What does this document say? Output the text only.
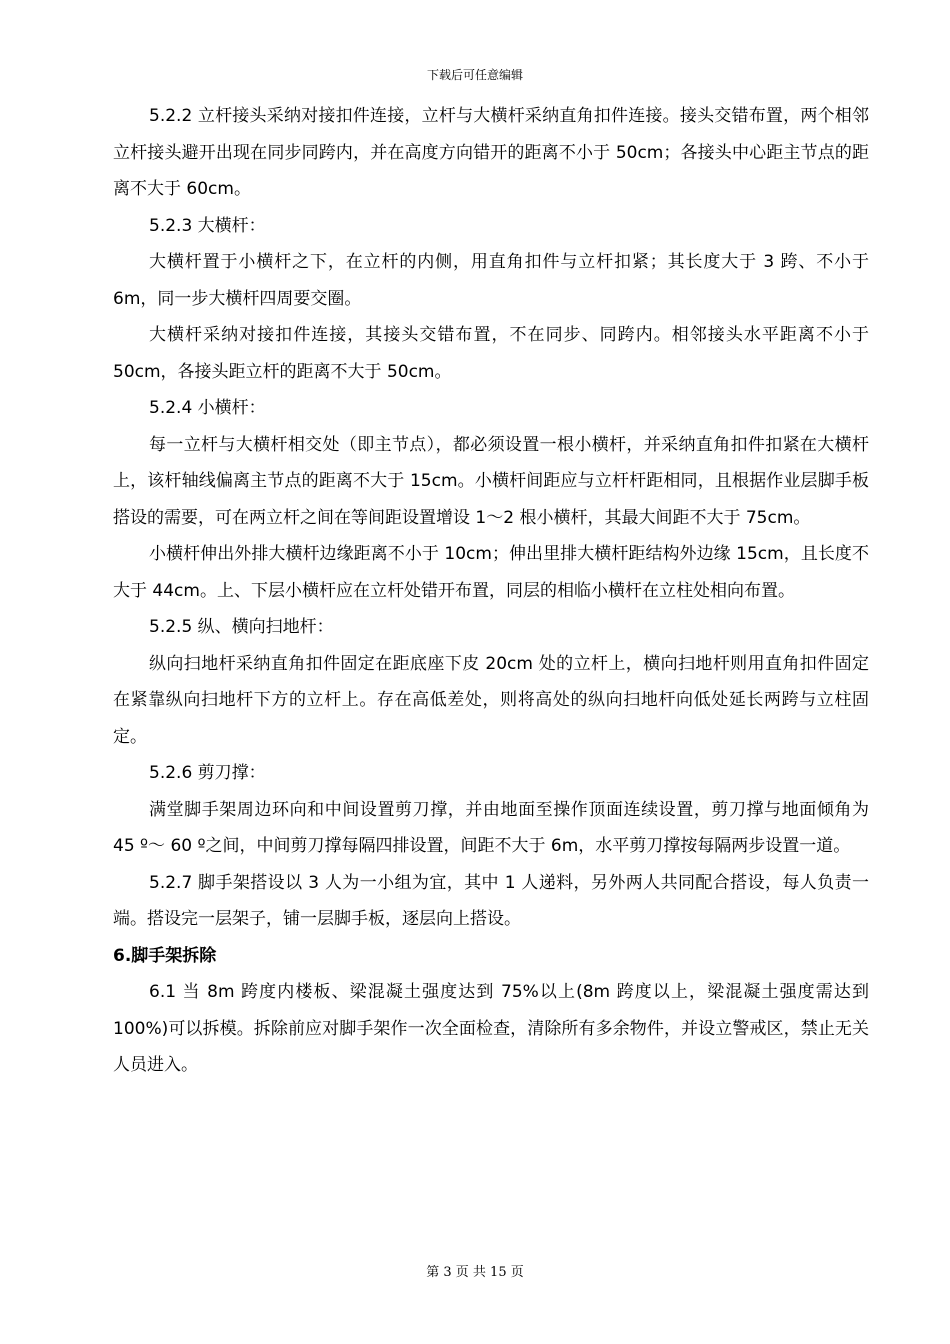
下载后可任意编辑

5.2.2 立杆接头采纳对接扣件连接，立杆与大横杆采纳直角扣件连接。接头交错布置，两个相邻立杆接头避开出现在同步同跨内，并在高度方向错开的距离不小于 50cm；各接头中心距主节点的距离不大于 60cm。

5.2.3 大横杆：

大横杆置于小横杆之下，在立杆的内侧，用直角扣件与立杆扣紧；其长度大于 3 跨、不小于 6m，同一步大横杆四周要交圈。

大横杆采纳对接扣件连接，其接头交错布置，不在同步、同跨内。相邻接头水平距离不小于 50cm，各接头距立杆的距离不大于 50cm。

5.2.4 小横杆：

每一立杆与大横杆相交处（即主节点），都必须设置一根小横杆，并采纳直角扣件扣紧在大横杆上，该杆轴线偏离主节点的距离不大于 15cm。小横杆间距应与立杆杆距相同，且根据作业层脚手板搭设的需要，可在两立杆之间在等间距设置增设 1～2 根小横杆，其最大间距不大于 75cm。

小横杆伸出外排大横杆边缘距离不小于 10cm；伸出里排大横杆距结构外边缘 15cm，且长度不大于 44cm。上、下层小横杆应在立杆处错开布置，同层的相临小横杆在立柱处相向布置。

5.2.5 纵、横向扫地杆：

纵向扫地杆采纳直角扣件固定在距底座下皮 20cm 处的立杆上，横向扫地杆则用直角扣件固定在紧靠纵向扫地杆下方的立杆上。存在高低差处，则将高处的纵向扫地杆向低处延长两跨与立柱固定。

5.2.6 剪刀撑：

满堂脚手架周边环向和中间设置剪刀撑，并由地面至操作顶面连续设置，剪刀撑与地面倾角为 45 º～ 60 º之间，中间剪刀撑每隔四排设置，间距不大于 6m，水平剪刀撑按每隔两步设置一道。

5.2.7 脚手架搭设以 3 人为一小组为宜，其中 1 人递料，另外两人共同配合搭设，每人负责一端。搭设完一层架子，铺一层脚手板，逐层向上搭设。

6.脚手架拆除

6.1 当 8m 跨度内楼板、梁混凝土强度达到 75%以上(8m 跨度以上，梁混凝土强度需达到 100%)可以拆模。拆除前应对脚手架作一次全面检查，清除所有多余物件，并设立警戒区，禁止无关人员进入。

第 3 页 共 15 页
